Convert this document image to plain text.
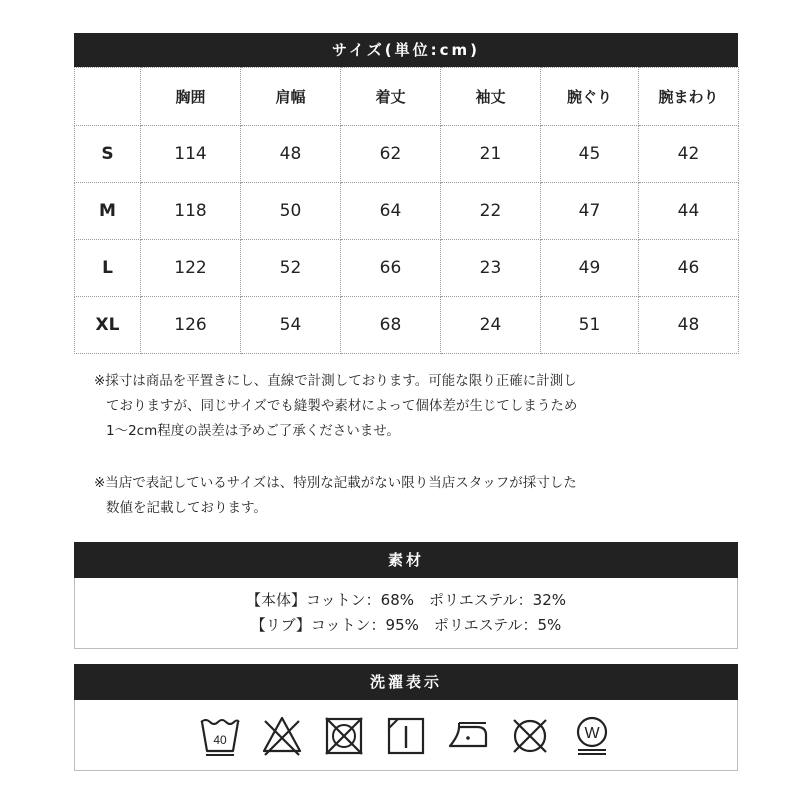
サイズ(単位:cm)
	胸囲	肩幅	着丈	袖丈	腕ぐり	腕まわり
S	114	48	62	21	45	42
M	118	50	64	22	47	44
L	122	52	66	23	49	46
XL	126	54	68	24	51	48
※採寸は商品を平置きにし、直線で計測しております。可能な限り正確に計測し
ておりますが、同じサイズでも縫製や素材によって個体差が生じてしまうため
1～2cm程度の誤差は予めご了承くださいませ。
※当店で表記しているサイズは、特別な記載がない限り当店スタッフが採寸した
数値を記載しております。
素材
【本体】コットン：68%　ポリエステル：32%
【リブ】コットン：95%　ポリエステル：5%
洗濯表示
40	W
